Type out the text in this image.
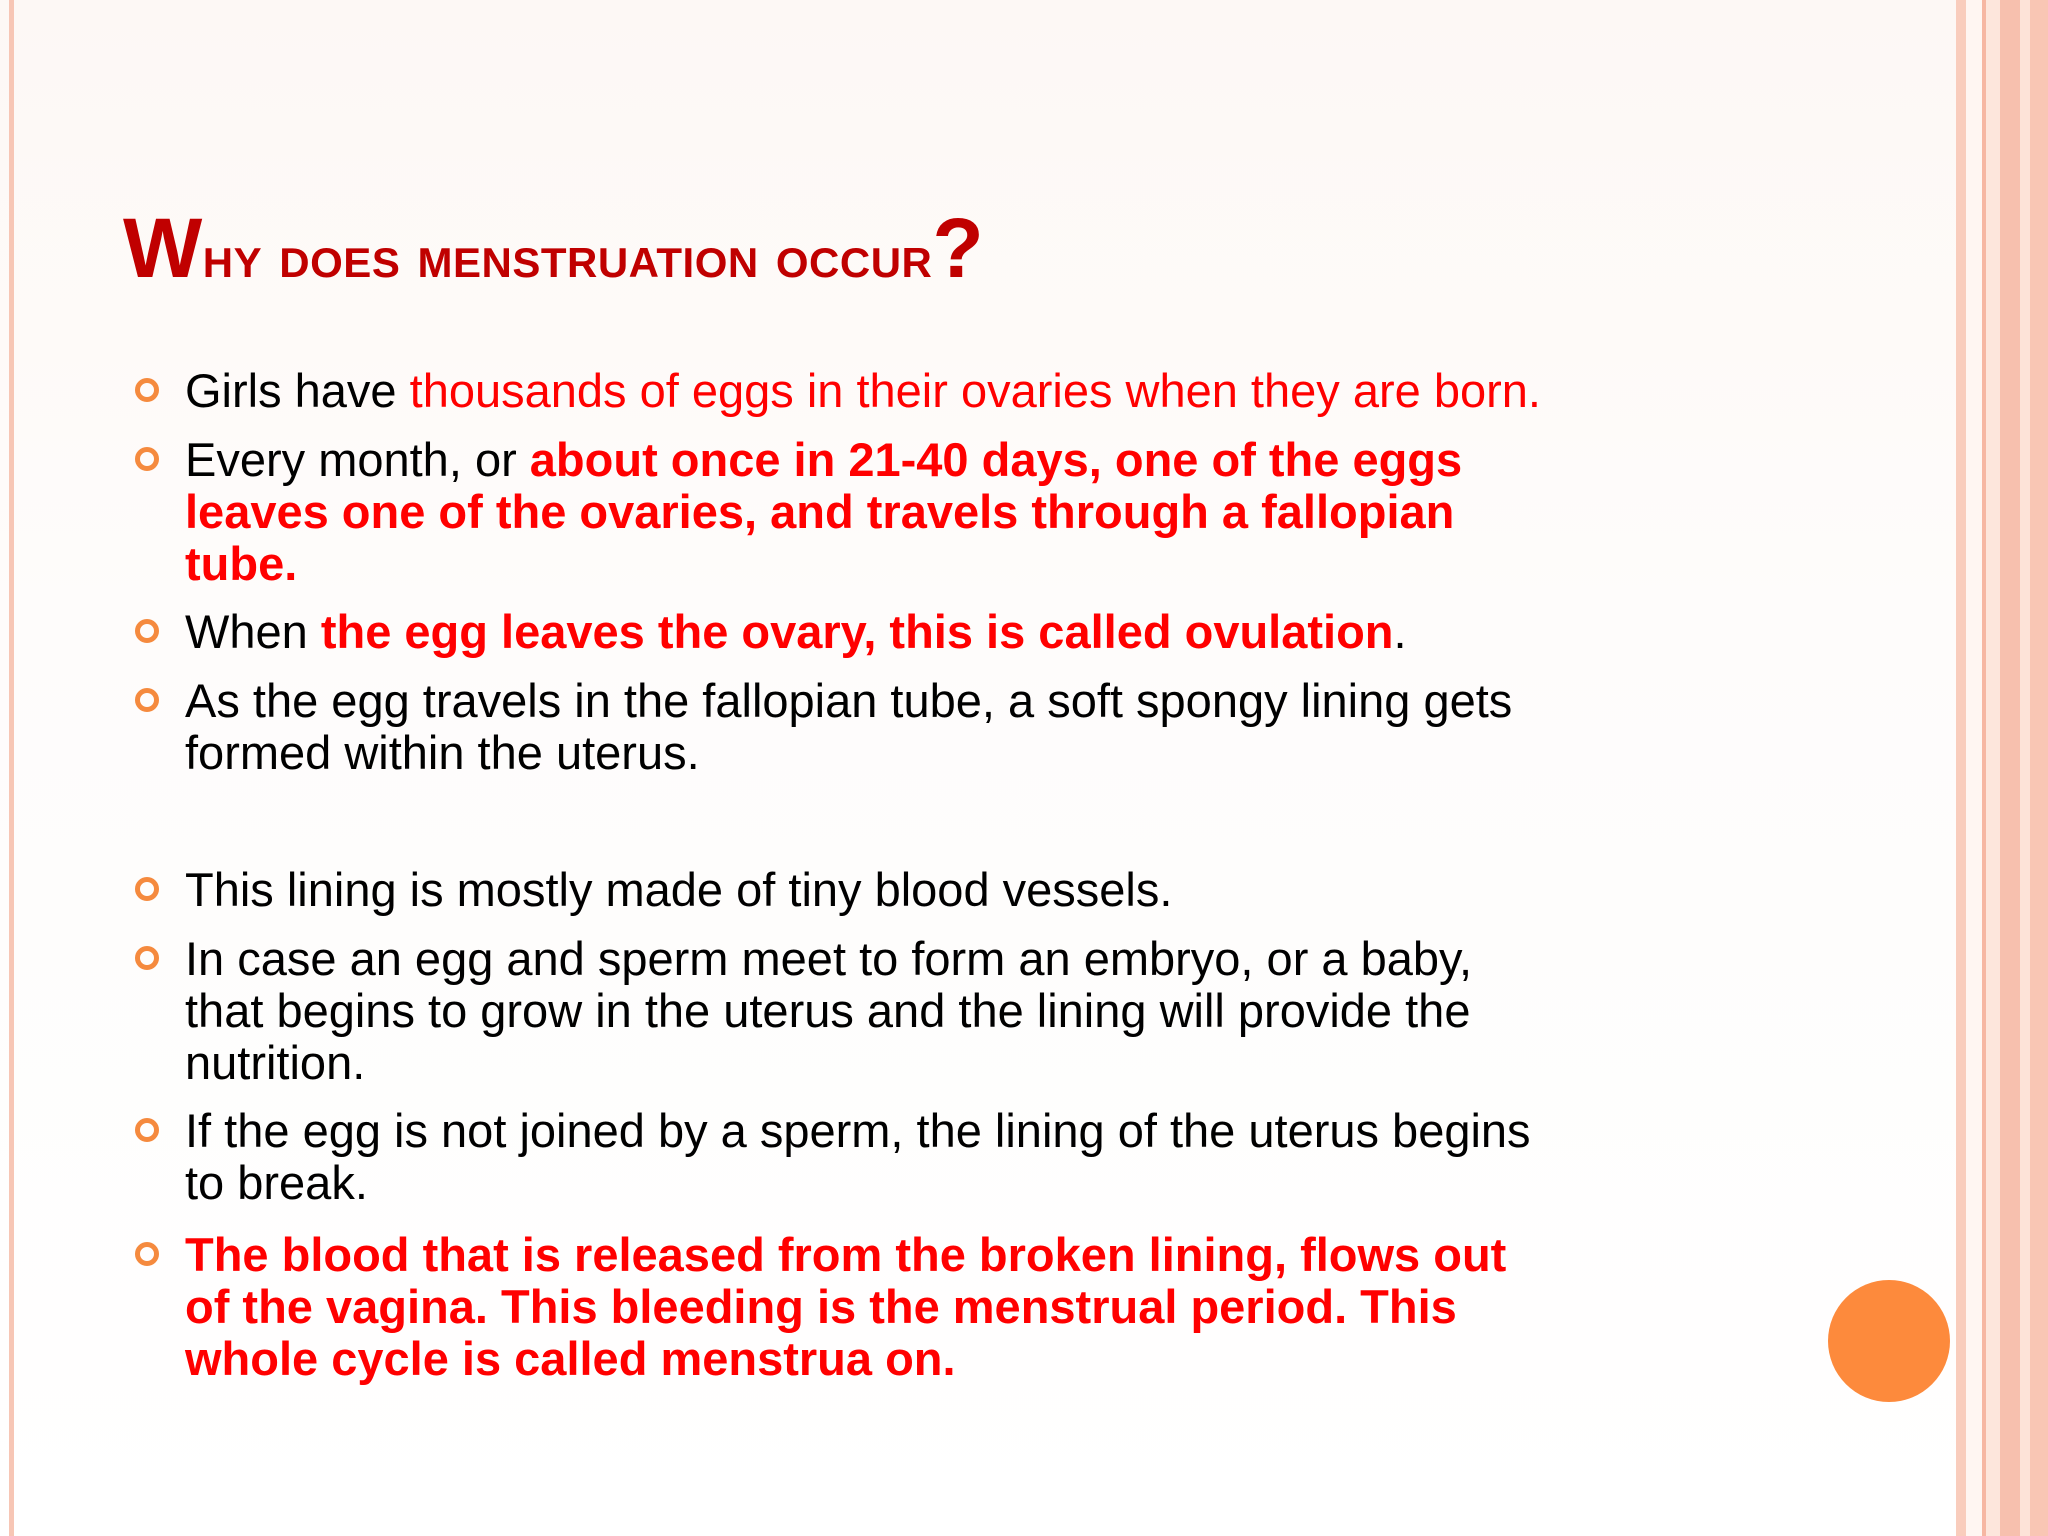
Why does menstruation occur?
Girls have thousands of eggs in their ovaries when they are born.
Every month, or about once in 21-40 days, one of the eggs
leaves one of the ovaries, and travels through a fallopian
tube.
When the egg leaves the ovary, this is called ovulation.
As the egg travels in the fallopian tube, a soft spongy lining gets
formed within the uterus.
This lining is mostly made of tiny blood vessels.
In case an egg and sperm meet to form an embryo, or a baby,
that begins to grow in the uterus and the lining will provide the
nutrition.
If the egg is not joined by a sperm, the lining of the uterus begins
to break.
The blood that is released from the broken lining, flows out
of the vagina. This bleeding is the menstrual period. This
whole cycle is called menstrua on.
